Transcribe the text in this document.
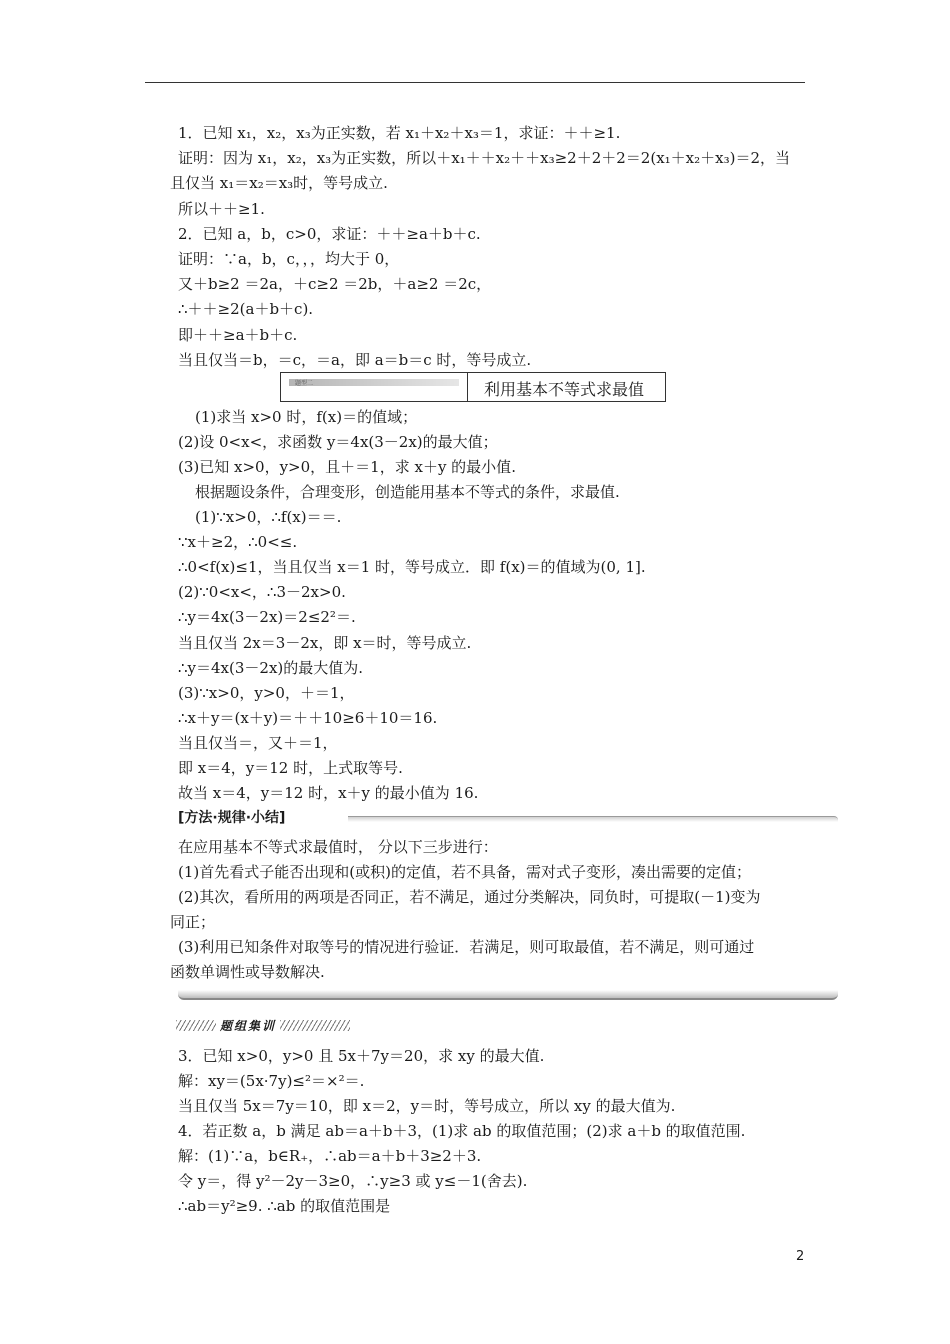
1．已知 x₁，x₂，x₃为正实数，若 x₁＋x₂＋x₃＝1，求证：＋＋≥1.
证明：因为 x₁，x₂，x₃为正实数，所以＋x₁＋＋x₂＋＋x₃≥2＋2＋2＝2(x₁＋x₂＋x₃)＝2，当
且仅当 x₁＝x₂＝x₃时，等号成立.
所以＋＋≥1.
2．已知 a，b，c>0，求证：＋＋≥a＋b＋c.
证明：∵a，b，c，，，均大于 0，
又＋b≥2 ＝2a，＋c≥2 ＝2b，＋a≥2 ＝2c，
∴＋＋≥2(a＋b＋c).
即＋＋≥a＋b＋c.
当且仅当＝b，＝c，＝a，即 a＝b＝c 时，等号成立.
题型二	利用基本不等式求最值
(1)求当 x>0 时，f(x)＝的值域；
(2)设 0<x<，求函数 y＝4x(3－2x)的最大值；
(3)已知 x>0，y>0，且＋＝1，求 x＋y 的最小值.
根据题设条件，合理变形，创造能用基本不等式的条件，求最值.
(1)∵x>0，∴f(x)＝＝.
∵x＋≥2，∴0<≤.
∴0<f(x)≤1，当且仅当 x＝1 时，等号成立．即 f(x)＝的值域为(0, 1].
(2)∵0<x<，∴3－2x>0.
∴y＝4x(3－2x)＝2≤2²＝.
当且仅当 2x＝3－2x，即 x＝时，等号成立.
∴y＝4x(3－2x)的最大值为.
(3)∵x>0，y>0，＋＝1，
∴x＋y＝(x＋y)＝＋＋10≥6＋10＝16.
当且仅当＝，又＋＝1，
即 x＝4，y＝12 时，上式取等号.
故当 x＝4，y＝12 时，x＋y 的最小值为 16.
[方法·规律·小结]
在应用基本不等式求最值时， 分以下三步进行：
(1)首先看式子能否出现和(或积)的定值，若不具备，需对式子变形，凑出需要的定值；
(2)其次，看所用的两项是否同正，若不满足，通过分类解决，同负时，可提取(－1)变为
同正；
(3)利用已知条件对取等号的情况进行验证．若满足，则可取最值，若不满足，则可通过
函数单调性或导数解决.
题组集训
3．已知 x>0，y>0 且 5x＋7y＝20，求 xy 的最大值.
解：xy＝(5x·7y)≤²＝×²＝.
当且仅当 5x＝7y＝10，即 x＝2，y＝时，等号成立，所以 xy 的最大值为.
4．若正数 a，b 满足 ab＝a＋b＋3，(1)求 ab 的取值范围；(2)求 a＋b 的取值范围.
解：(1)∵a，b∈R₊，∴ab＝a＋b＋3≥2＋3.
令 y＝，得 y²－2y－3≥0，∴y≥3 或 y≤－1(舍去).
∴ab＝y²≥9. ∴ab 的取值范围是
2
